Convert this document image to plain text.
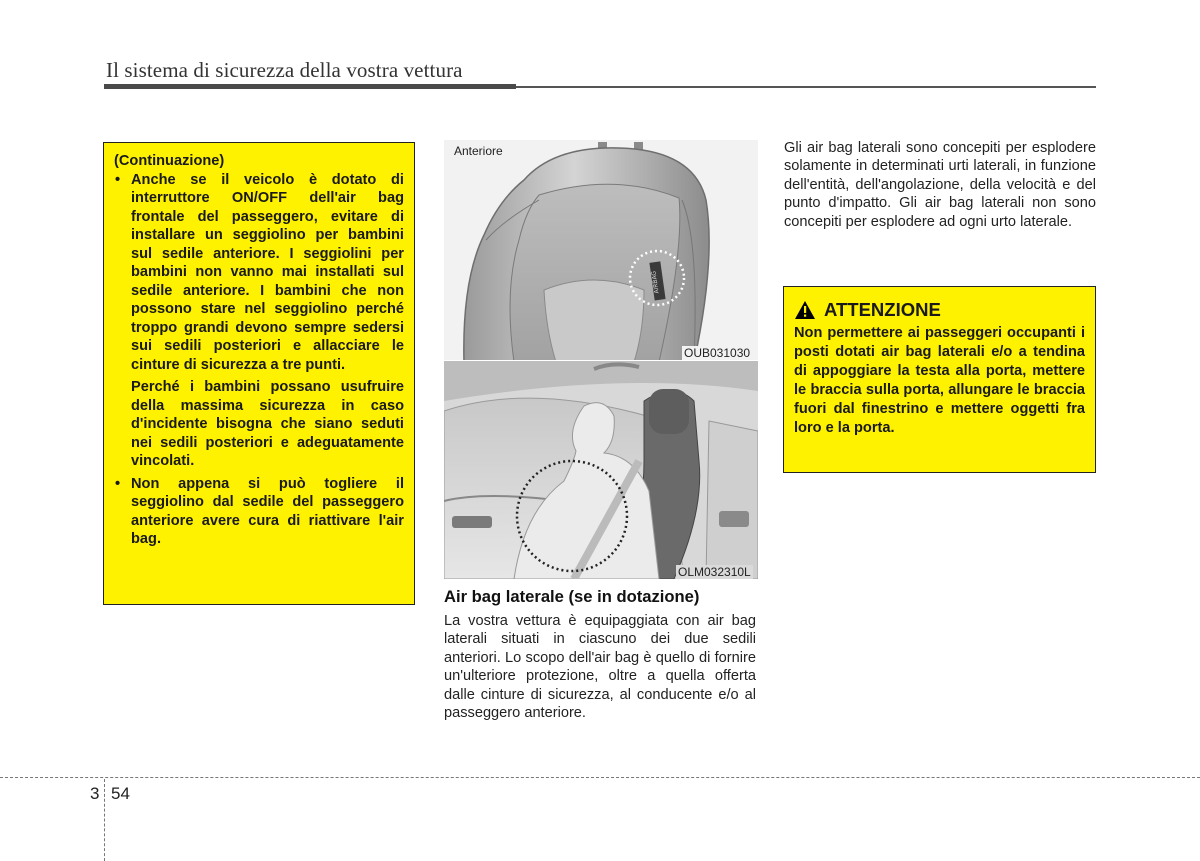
Il sistema di sicurezza della vostra vettura
(Continuazione)
• Anche se il veicolo è dotato di interruttore ON/OFF dell'air bag frontale del passeggero, evitare di installare un seggiolino per bambini sul sedile anteriore. I seggiolini per bambini non vanno mai installati sul sedile anteriore. I bambini che non possono stare nel seggiolino perché troppo grandi devono sempre sedersi sui sedili posteriori e allacciare le cinture di sicurezza a tre punti.
Perché i bambini possano usufruire della massima sicurezza in caso d'incidente bisogna che siano seduti nei sedili posteriori e adeguatamente vincolati.
• Non appena si può togliere il seggiolino dal sedile del passeggero anteriore avere cura di riattivare l'air bag.
AIRBAG
Anteriore
OUB031030
OLM032310L
Air bag laterale (se in dotazione)
La vostra vettura è equipaggiata con air bag laterali situati in ciascuno dei due sedili anteriori. Lo scopo dell'air bag è quello di fornire un'ulteriore protezione, oltre a quella offerta dalle cinture di sicurezza, al conducente e/o al passeggero anteriore.
Gli air bag laterali sono concepiti per esplodere solamente in determinati urti laterali, in funzione dell'entità, dell'angolazione, della velocità e del punto d'impatto. Gli air bag laterali non sono concepiti per esplodere ad ogni urto laterale.
ATTENZIONE
Non permettere ai passeggeri occupanti i posti dotati air bag laterali e/o a tendina di appoggiare la testa alla porta, mettere le braccia sulla porta, allungare le braccia fuori dal finestrino e mettere oggetti fra loro e la porta.
3 54
